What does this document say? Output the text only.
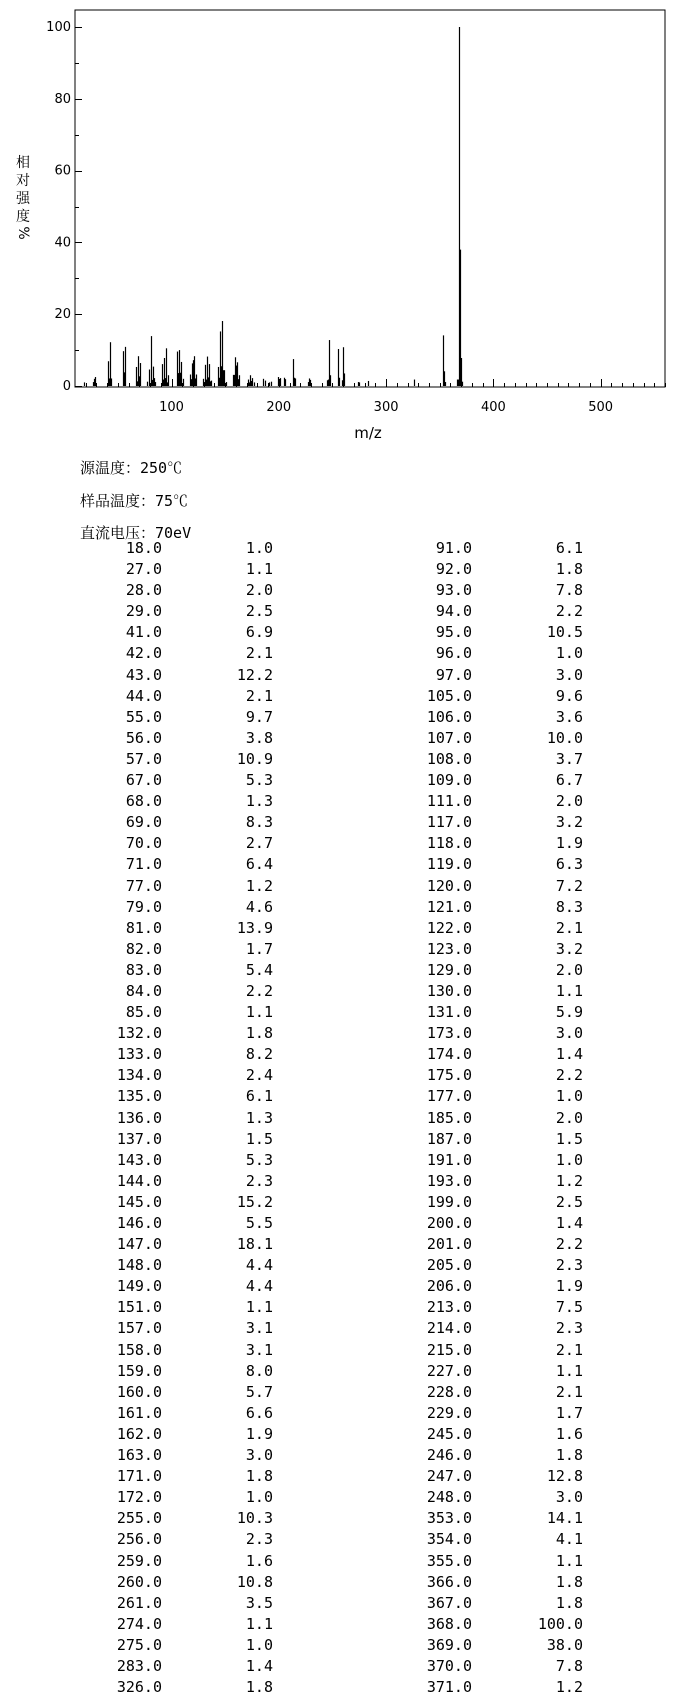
100	200	300	400	500
0
20
40
60
80
100
m/z
相
对
强
度
%
源温度：250℃
样品温度：75℃
直流电压：70eV
18.0	1.0	91.0	6.1
27.0	1.1	92.0	1.8
28.0	2.0	93.0	7.8
29.0	2.5	94.0	2.2
41.0	6.9	95.0	10.5
42.0	2.1	96.0	1.0
43.0	12.2	97.0	3.0
44.0	2.1	105.0	9.6
55.0	9.7	106.0	3.6
56.0	3.8	107.0	10.0
57.0	10.9	108.0	3.7
67.0	5.3	109.0	6.7
68.0	1.3	111.0	2.0
69.0	8.3	117.0	3.2
70.0	2.7	118.0	1.9
71.0	6.4	119.0	6.3
77.0	1.2	120.0	7.2
79.0	4.6	121.0	8.3
81.0	13.9	122.0	2.1
82.0	1.7	123.0	3.2
83.0	5.4	129.0	2.0
84.0	2.2	130.0	1.1
85.0	1.1	131.0	5.9
132.0	1.8	173.0	3.0
133.0	8.2	174.0	1.4
134.0	2.4	175.0	2.2
135.0	6.1	177.0	1.0
136.0	1.3	185.0	2.0
137.0	1.5	187.0	1.5
143.0	5.3	191.0	1.0
144.0	2.3	193.0	1.2
145.0	15.2	199.0	2.5
146.0	5.5	200.0	1.4
147.0	18.1	201.0	2.2
148.0	4.4	205.0	2.3
149.0	4.4	206.0	1.9
151.0	1.1	213.0	7.5
157.0	3.1	214.0	2.3
158.0	3.1	215.0	2.1
159.0	8.0	227.0	1.1
160.0	5.7	228.0	2.1
161.0	6.6	229.0	1.7
162.0	1.9	245.0	1.6
163.0	3.0	246.0	1.8
171.0	1.8	247.0	12.8
172.0	1.0	248.0	3.0
255.0	10.3	353.0	14.1
256.0	2.3	354.0	4.1
259.0	1.6	355.0	1.1
260.0	10.8	366.0	1.8
261.0	3.5	367.0	1.8
274.0	1.1	368.0	100.0
275.0	1.0	369.0	38.0
283.0	1.4	370.0	7.8
326.0	1.8	371.0	1.2
